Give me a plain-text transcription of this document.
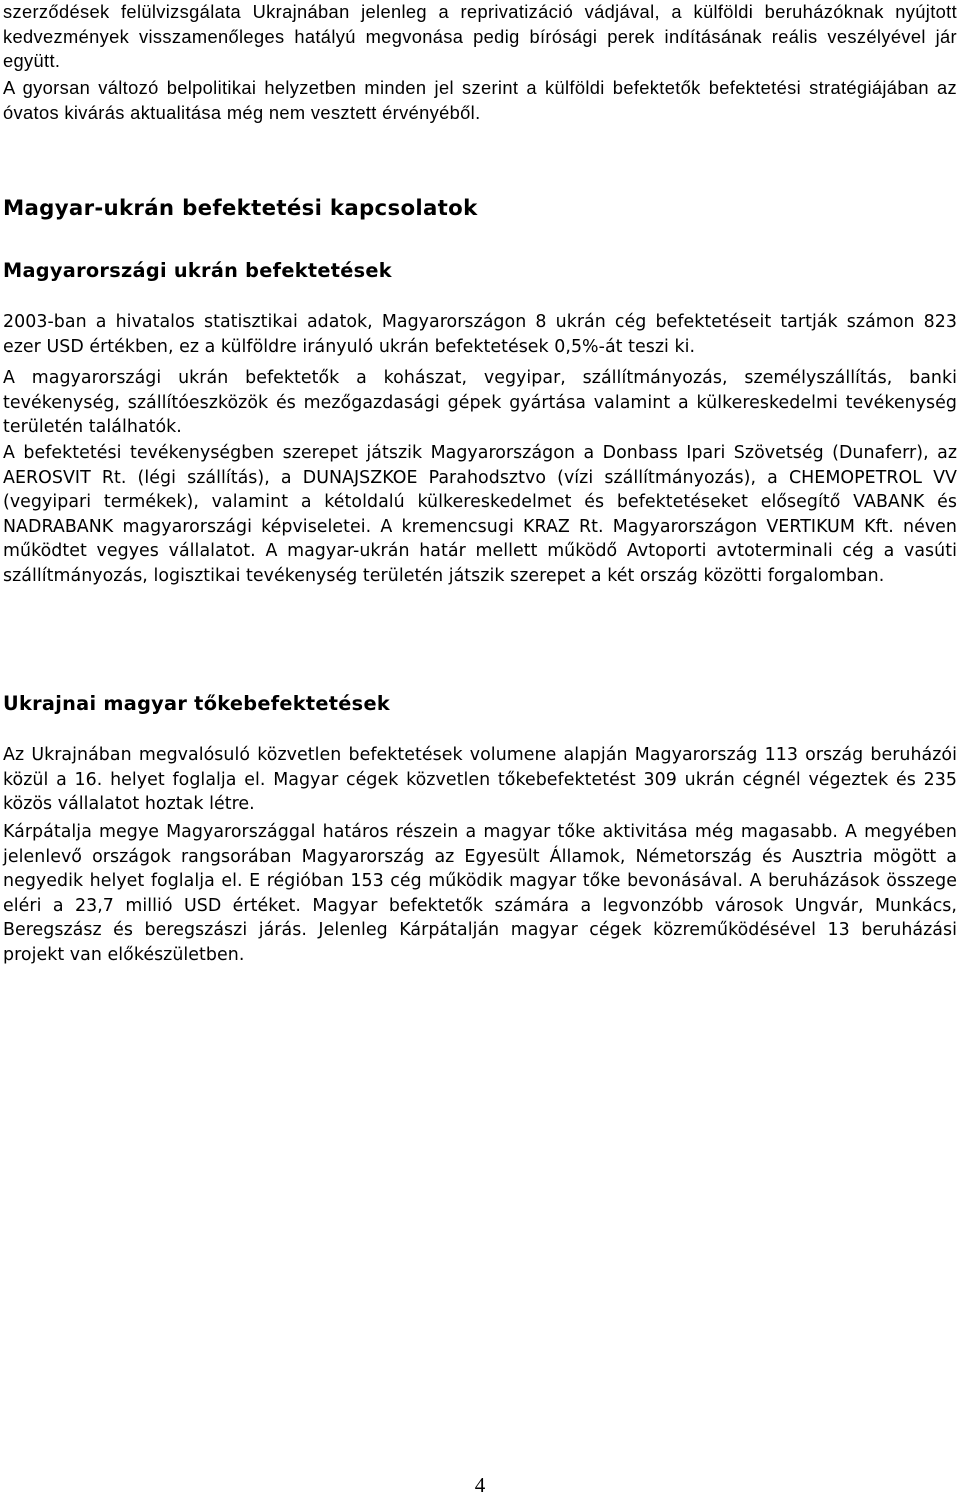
szerződések felülvizsgálata Ukrajnában jelenleg a reprivatizáció vádjával, a külföldi beruházóknak nyújtott kedvezmények visszamenőleges hatályú megvonása pedig bírósági perek indításának reális veszélyével jár együtt.

A gyorsan változó belpolitikai helyzetben minden jel szerint a külföldi befektetők befektetési stratégiájában az óvatos kivárás aktualitása még nem vesztett érvényéből.

Magyar-ukrán befektetési kapcsolatok
Magyarországi ukrán befektetések

2003-ban a hivatalos statisztikai adatok, Magyarországon 8 ukrán cég befektetéseit tartják számon 823 ezer USD értékben, ez a külföldre irányuló ukrán befektetések 0,5%-át teszi ki.

A magyarországi ukrán befektetők a kohászat, vegyipar, szállítmányozás, személyszállítás, banki tevékenység, szállítóeszközök és mezőgazdasági gépek gyártása valamint a külkereskedelmi tevékenység területén találhatók.

A befektetési tevékenységben szerepet játszik Magyarországon a Donbass Ipari Szövetség (Dunaferr), az AEROSVIT Rt. (légi szállítás), a DUNAJSZKOE Parahodsztvo (vízi szállítmányozás), a CHEMOPETROL VV (vegyipari termékek), valamint a kétoldalú külkereskedelmet és befektetéseket elősegítő VABANK és NADRABANK magyarországi képviseletei. A kremencsugi KRAZ Rt. Magyarországon VERTIKUM Kft. néven működtet vegyes vállalatot. A magyar-ukrán határ mellett működő Avtoporti avtoterminali cég a vasúti szállítmányozás, logisztikai tevékenység területén játszik szerepet a két ország közötti forgalomban.

Ukrajnai magyar tőkebefektetések

Az Ukrajnában megvalósuló közvetlen befektetések volumene alapján Magyarország 113 ország beruházói közül a 16. helyet foglalja el. Magyar cégek közvetlen tőkebefektetést 309 ukrán cégnél végeztek és 235 közös vállalatot hoztak létre.

Kárpátalja megye Magyarországgal határos részein a magyar tőke aktivitása még magasabb. A megyében jelenlevő országok rangsorában Magyarország az Egyesült Államok, Németország és Ausztria mögött a negyedik helyet foglalja el. E régióban 153 cég működik magyar tőke bevonásával. A beruházások összege eléri a 23,7 millió USD értéket. Magyar befektetők számára a legvonzóbb városok Ungvár, Munkács, Beregszász és beregszászi járás. Jelenleg Kárpátalján magyar cégek közreműködésével 13 beruházási projekt van előkészületben.

4
